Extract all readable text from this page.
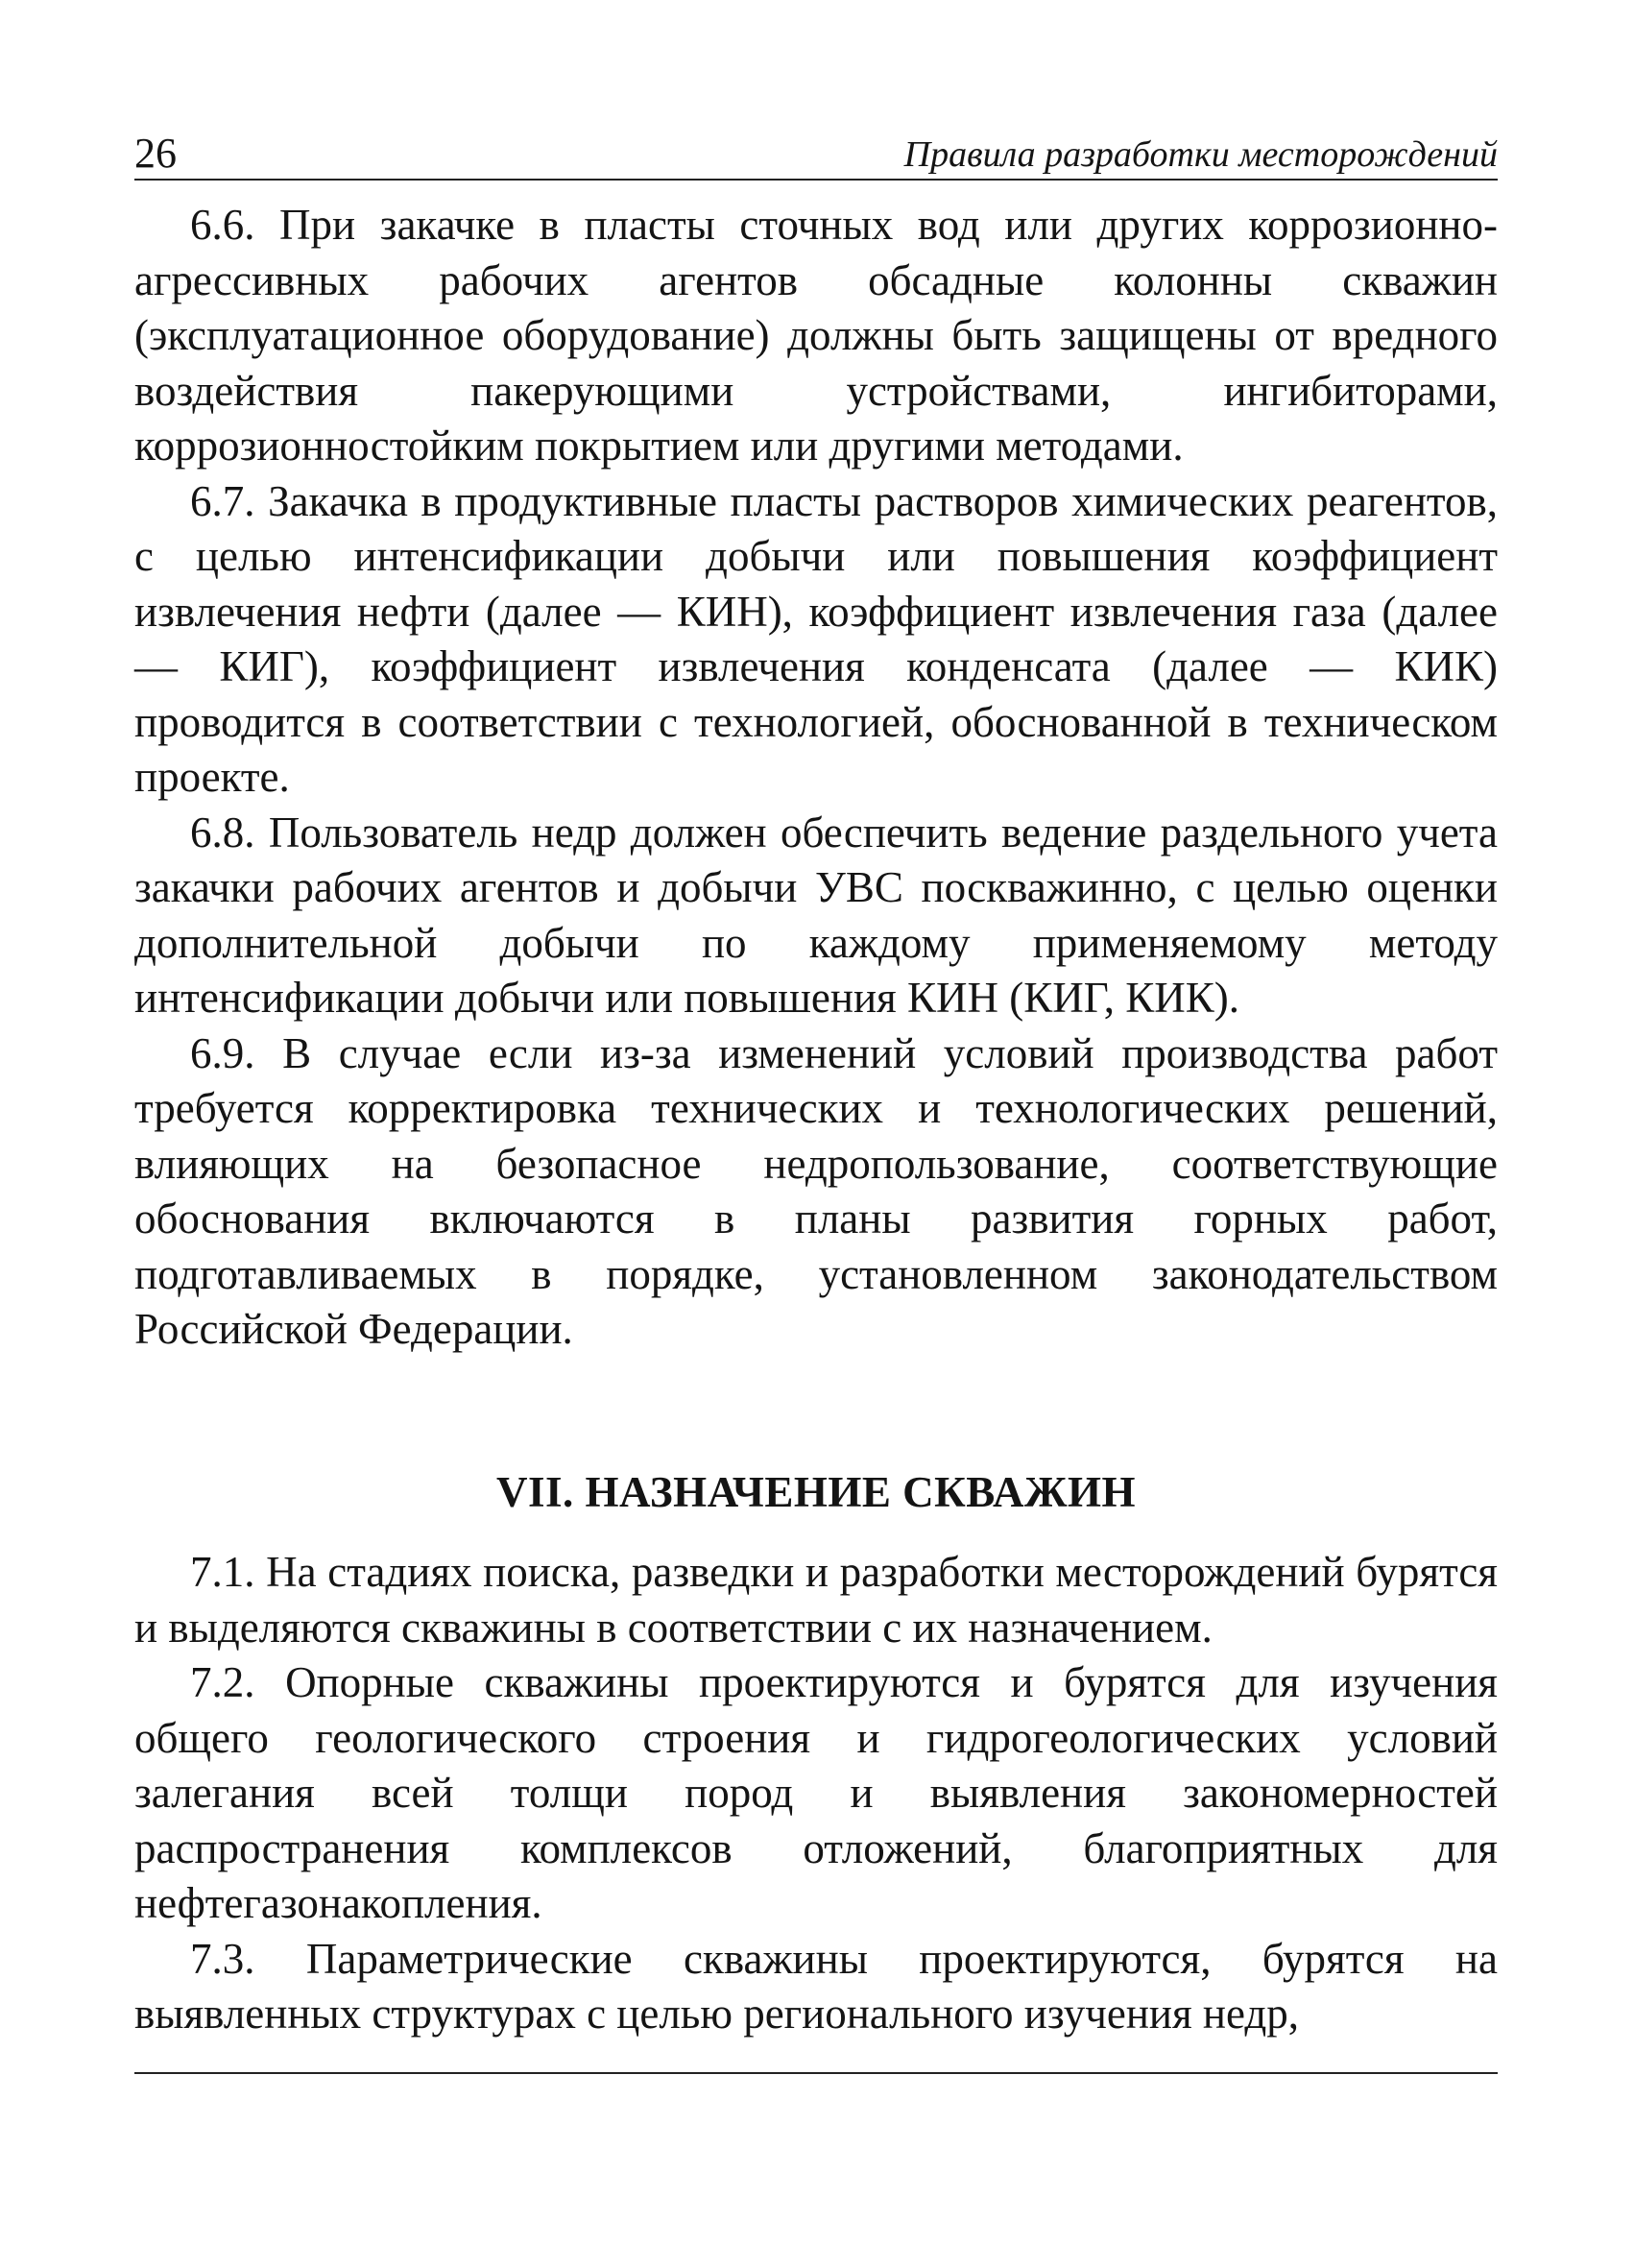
26	Правила разработки месторождений

6.6. При закачке в пласты сточных вод или других коррозионно-агрессивных рабочих агентов обсадные колонны скважин (эксплуатационное оборудование) должны быть защищены от вредного воздействия пакерующими устройствами, ингибиторами, коррозионностойким покрытием или другими методами.

6.7. Закачка в продуктивные пласты растворов химических реагентов, с целью интенсификации добычи или повышения коэффициент извлечения нефти (далее — КИН), коэффициент извлечения газа (далее — КИГ), коэффициент извлечения конденсата (далее — КИК) проводится в соответствии с технологией, обоснованной в техническом проекте.

6.8. Пользователь недр должен обеспечить ведение раздельного учета закачки рабочих агентов и добычи УВС поскважинно, с целью оценки дополнительной добычи по каждому применяемому методу интенсификации добычи или повышения КИН (КИГ, КИК).

6.9. В случае если из-за изменений условий производства работ требуется корректировка технических и технологических решений, влияющих на безопасное недропользование, соответствующие обоснования включаются в планы развития горных работ, подготавливаемых в порядке, установленном законодательством Российской Федерации.

VII. НАЗНАЧЕНИЕ СКВАЖИН

7.1. На стадиях поиска, разведки и разработки месторождений бурятся и выделяются скважины в соответствии с их назначением.

7.2. Опорные скважины проектируются и бурятся для изучения общего геологического строения и гидрогеологических условий залегания всей толщи пород и выявления закономерностей распространения комплексов отложений, благоприятных для нефтегазонакопления.

7.3. Параметрические скважины проектируются, бурятся на выявленных структурах с целью регионального изучения недр,
